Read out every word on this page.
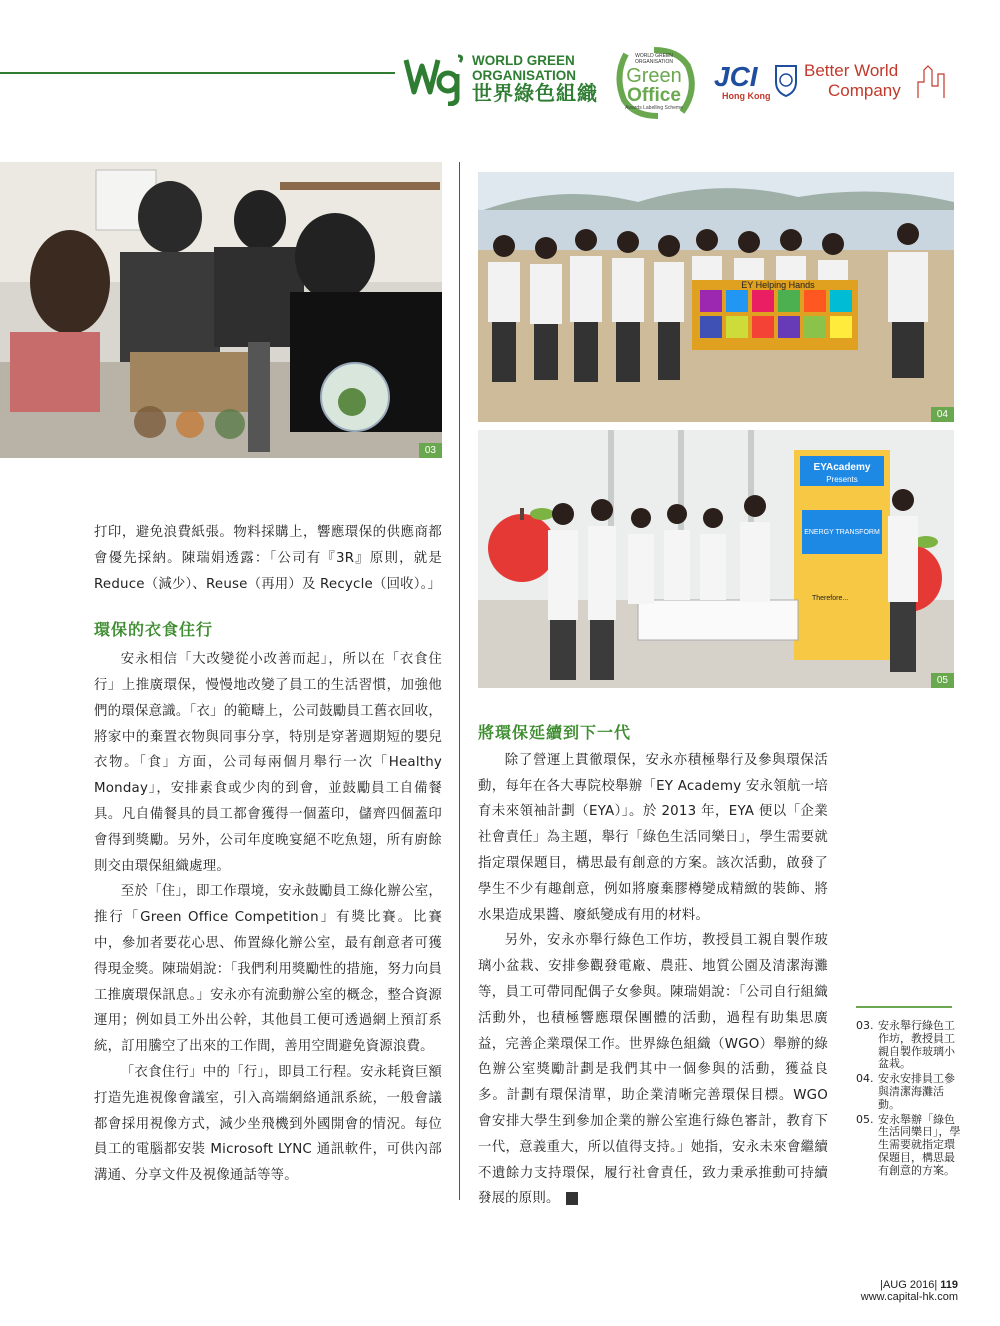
WORLD GREEN
ORGANISATION
世界綠色組織
WORLD GREEN
ORGANISATION
Green
Office
Awards Labelling Scheme
JCI
Hong Kong
Better World
Company
03
EY Helping Hands
04
EYAcademy
Presents
ENERGY TRANSFORM
Therefore...
05

打印，避免浪費紙張。物料採購上，響應環保的供應商都會優先採納。陳瑞娟透露：「公司有『3R』原則，就是 Reduce（減少）、Reuse（再用）及 Recycle（回收）。」

環保的衣食住行

安永相信「大改變從小改善而起」，所以在「衣食住行」上推廣環保，慢慢地改變了員工的生活習慣，加強他們的環保意識。「衣」的範疇上，公司鼓勵員工舊衣回收，將家中的棄置衣物與同事分享，特別是穿著週期短的嬰兒衣物。「食」方面，公司每兩個月舉行一次「Healthy Monday」，安排素食或少肉的到會，並鼓勵員工自備餐具。凡自備餐具的員工都會獲得一個蓋印，儲齊四個蓋印會得到獎勵。另外，公司年度晚宴絕不吃魚翅，所有廚餘則交由環保組織處理。

至於「住」，即工作環境，安永鼓勵員工綠化辦公室，推行「Green Office Competition」有獎比賽。比賽中，參加者要花心思、佈置綠化辦公室，最有創意者可獲得現金獎。陳瑞娟說：「我們利用獎勵性的措施，努力向員工推廣環保訊息。」安永亦有流動辦公室的概念，整合資源運用；例如員工外出公幹，其他員工便可透過網上預訂系統，訂用騰空了出來的工作間，善用空間避免資源浪費。

「衣食住行」中的「行」，即員工行程。安永耗資巨額打造先進視像會議室，引入高端網絡通訊系統，一般會議都會採用視像方式，減少坐飛機到外國開會的情況。每位員工的電腦都安裝 Microsoft LYNC 通訊軟件，可供內部溝通、分享文件及視像通話等等。

將環保延續到下一代

除了營運上貫徹環保，安永亦積極舉行及參與環保活動，每年在各大專院校舉辦「EY Academy 安永領航一培育未來領袖計劃（EYA）」。於 2013 年，EYA 便以「企業社會責任」為主題，舉行「綠色生活同樂日」，學生需要就指定環保題目，構思最有創意的方案。該次活動，啟發了學生不少有趣創意，例如將廢棄膠樽變成精緻的裝飾、將水果造成果醬、廢紙變成有用的材料。

另外，安永亦舉行綠色工作坊，教授員工親自製作玻璃小盆栽、安排參觀發電廠、農莊、地質公園及清潔海灘等，員工可帶同配偶子女參與。陳瑞娟說：「公司自行組織活動外，也積極響應環保團體的活動，過程有助集思廣益，完善企業環保工作。世界綠色組織（WGO）舉辦的綠色辦公室獎勵計劃是我們其中一個參與的活動，獲益良多。計劃有環保清單，助企業清晰完善環保目標。WGO 會安排大學生到參加企業的辦公室進行綠色審計，教育下一代，意義重大，所以值得支持。」她指，安永未來會繼續不遺餘力支持環保，履行社會責任，致力秉承推動可持續發展的原則。	㊥

03. 安永舉行綠色工作坊，教授員工親自製作玻璃小盆栽。
04. 安永安排員工參與清潔海灘活動。
05. 安永舉辦「綠色生活同樂日」，學生需要就指定環保題目，構思最有創意的方案。
|AUG 2016| 119
www.capital-hk.com
